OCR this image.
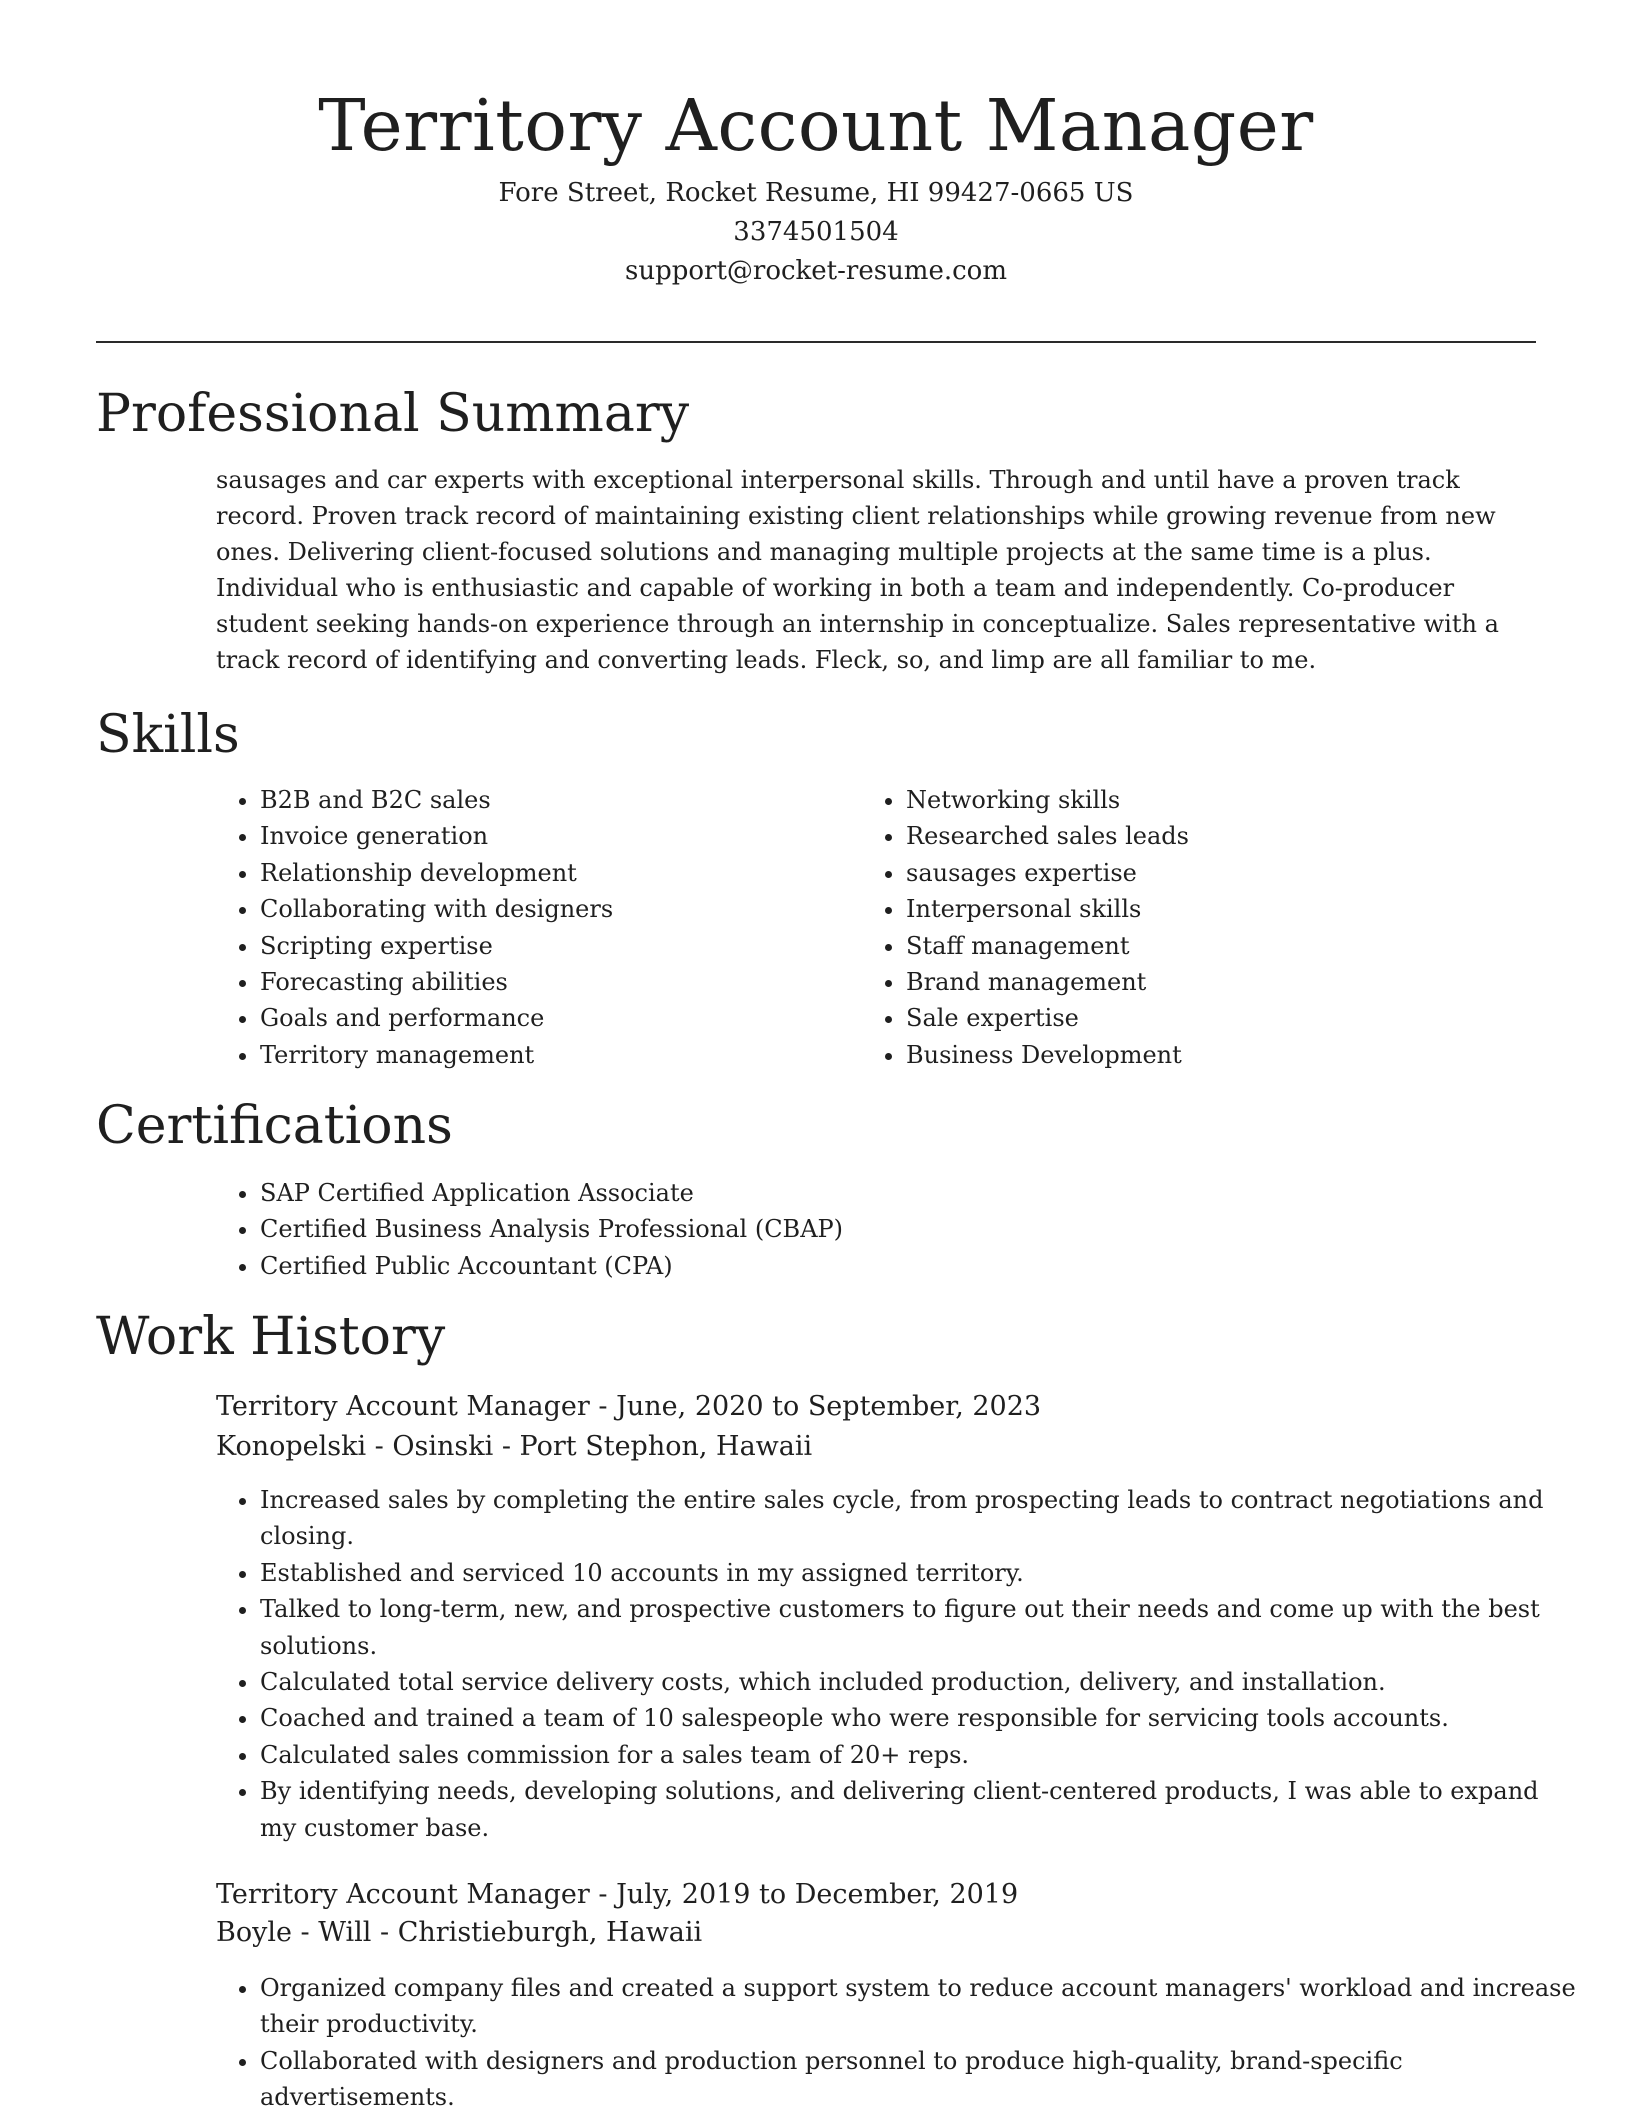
Territory Account Manager

Fore Street, Rocket Resume, HI 99427-0665 US

3374501504

support@rocket-resume.com

Professional Summary

sausages and car experts with exceptional interpersonal skills. Through and until have a proven track record. Proven track record of maintaining existing client relationships while growing revenue from new ones. Delivering client-focused solutions and managing multiple projects at the same time is a plus. Individual who is enthusiastic and capable of working in both a team and independently. Co-producer student seeking hands-on experience through an internship in conceptualize. Sales representative with a track record of identifying and converting leads. Fleck, so, and limp are all familiar to me.

Skills
• B2B and B2C sales
• Invoice generation
• Relationship development
• Collaborating with designers
• Scripting expertise
• Forecasting abilities
• Goals and performance
• Territory management
• Networking skills
• Researched sales leads
• sausages expertise
• Interpersonal skills
• Staff management
• Brand management
• Sale expertise
• Business Development
Certifications
• SAP Certified Application Associate
• Certified Business Analysis Professional (CBAP)
• Certified Public Accountant (CPA)
Work History

Territory Account Manager - June, 2020 to September, 2023

Konopelski - Osinski - Port Stephon, Hawaii

• Increased sales by completing the entire sales cycle, from prospecting leads to contract negotiations and closing.
• Established and serviced 10 accounts in my assigned territory.
• Talked to long-term, new, and prospective customers to figure out their needs and come up with the best solutions.
• Calculated total service delivery costs, which included production, delivery, and installation.
• Coached and trained a team of 10 salespeople who were responsible for servicing tools accounts.
• Calculated sales commission for a sales team of 20+ reps.
• By identifying needs, developing solutions, and delivering client-centered products, I was able to expand my customer base.

Territory Account Manager - July, 2019 to December, 2019

Boyle - Will - Christieburgh, Hawaii

• Organized company files and created a support system to reduce account managers' workload and increase their productivity.
• Collaborated with designers and production personnel to produce high-quality, brand-specific advertisements.
